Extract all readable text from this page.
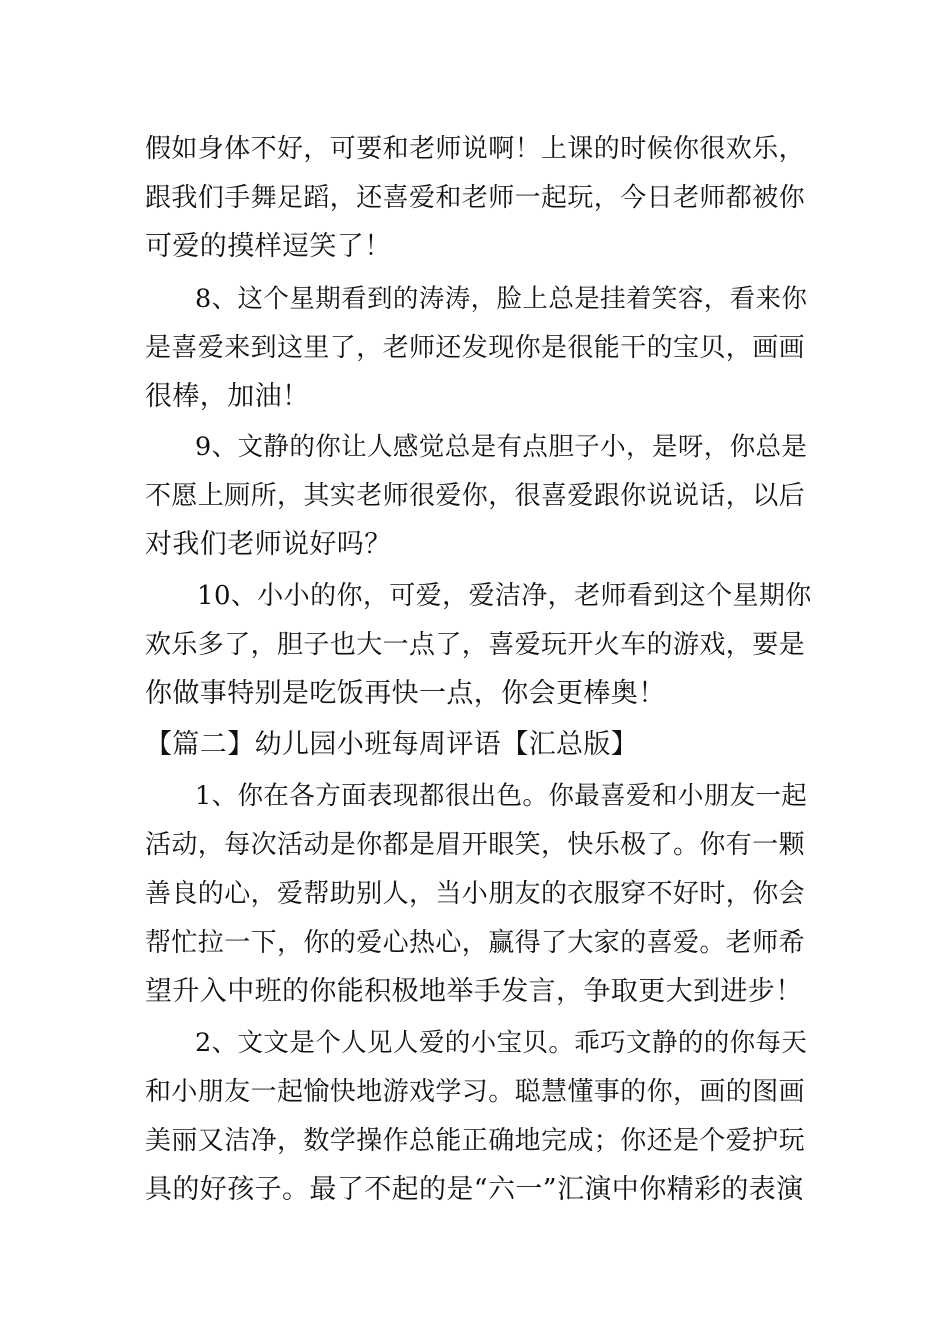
假如身体不好，可要和老师说啊！上课的时候你很欢乐，
跟我们手舞足蹈，还喜爱和老师一起玩，今日老师都被你
可爱的摸样逗笑了！
8、这个星期看到的涛涛，脸上总是挂着笑容，看来你
是喜爱来到这里了，老师还发现你是很能干的宝贝，画画
很棒，加油！
9、文静的你让人感觉总是有点胆子小，是呀，你总是
不愿上厕所，其实老师很爱你，很喜爱跟你说说话，以后
对我们老师说好吗？
10、小小的你，可爱，爱洁净，老师看到这个星期你
欢乐多了，胆子也大一点了，喜爱玩开火车的游戏，要是
你做事特别是吃饭再快一点，你会更棒奥！
【篇二】幼儿园小班每周评语【汇总版】
1、你在各方面表现都很出色。你最喜爱和小朋友一起
活动，每次活动是你都是眉开眼笑，快乐极了。你有一颗
善良的心，爱帮助别人，当小朋友的衣服穿不好时，你会
帮忙拉一下，你的爱心热心，赢得了大家的喜爱。老师希
望升入中班的你能积极地举手发言，争取更大到进步！
2、文文是个人见人爱的小宝贝。乖巧文静的的你每天
和小朋友一起愉快地游戏学习。聪慧懂事的你，画的图画
美丽又洁净，数学操作总能正确地完成；你还是个爱护玩
具的好孩子。最了不起的是“六一”汇演中你精彩的表演
